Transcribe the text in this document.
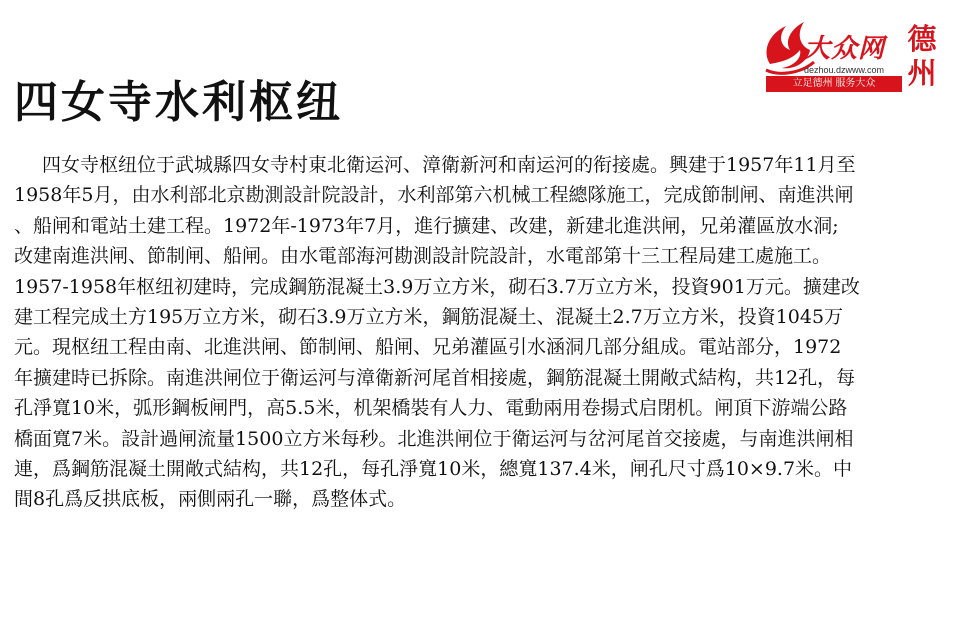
四女寺水利枢纽
大众网
dezhou.dzwww.com
德州
立足德州 服务大众
四女寺枢纽位于武城縣四女寺村東北衛运河、漳衛新河和南运河的衔接處。興建于1957年11月至
1958年5月，由水利部北京勘測設計院設計，水利部第六机械工程總隊施工，完成節制闸、南進洪闸
、船闸和電站土建工程。1972年-1973年7月，進行擴建、改建，新建北進洪闸，兄弟灌區放水洞;
改建南進洪闸、節制闸、船闸。由水電部海河勘測設計院設計，水電部第十三工程局建工處施工。
1957-1958年枢纽初建時，完成鋼筋混凝土3.9万立方米，砌石3.7万立方米，投資901万元。擴建改
建工程完成土方195万立方米，砌石3.9万立方米，鋼筋混凝土、混凝土2.7万立方米，投資1045万
元。現枢纽工程由南、北進洪闸、節制闸、船闸、兄弟灌區引水涵洞几部分組成。電站部分，1972
年擴建時已拆除。南進洪闸位于衛运河与漳衛新河尾首相接處，鋼筋混凝土開敞式結构，共12孔，每
孔淨寬10米，弧形鋼板闸門，高5.5米，机架橋裝有人力、電動兩用卷揚式启閉机。闸頂下游端公路
橋面寬7米。設計過闸流量1500立方米每秒。北進洪闸位于衛运河与岔河尾首交接處，与南進洪闸相
連，爲鋼筋混凝土開敞式結构，共12孔，每孔淨寬10米，總寬137.4米，闸孔尺寸爲10×9.7米。中
間8孔爲反拱底板，兩側兩孔一聯，爲整体式。
